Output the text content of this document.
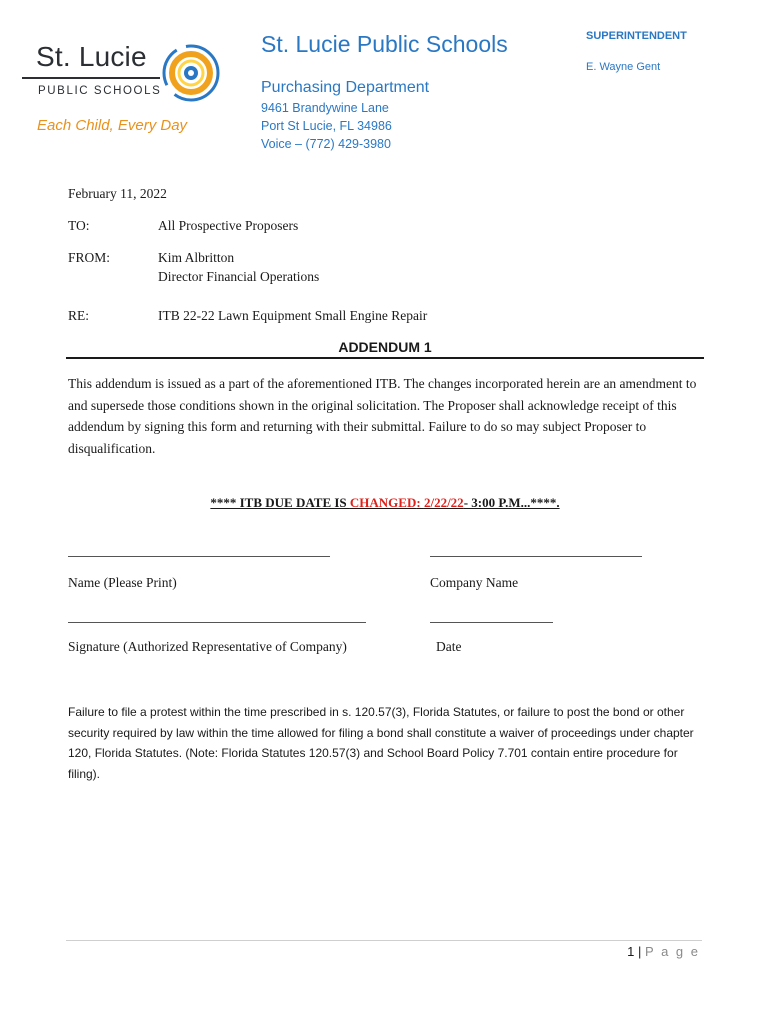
St. Lucie
PUBLIC SCHOOLS
Each Child, Every Day
St. Lucie Public Schools
Purchasing Department
9461 Brandywine Lane
Port St Lucie, FL 34986
Voice – (772) 429-3980
SUPERINTENDENT
E. Wayne Gent
February 11, 2022
TO:	All Prospective Proposers
FROM:	Kim Albritton
Director Financial Operations
RE:	ITB 22-22 Lawn Equipment Small Engine Repair
ADDENDUM 1
This addendum is issued as a part of the aforementioned ITB. The changes incorporated herein are an amendment to and supersede those conditions shown in the original solicitation. The Proposer shall acknowledge receipt of this addendum by signing this form and returning with their submittal. Failure to do so may subject Proposer to disqualification.
**** ITB DUE DATE IS CHANGED: 2/22/22- 3:00 P.M...****.
Name (Please Print)	Company Name
Signature (Authorized Representative of Company)	Date
Failure to file a protest within the time prescribed in s. 120.57(3), Florida Statutes, or failure to post the bond or other security required by law within the time allowed for filing a bond shall constitute a waiver of proceedings under chapter 120, Florida Statutes. (Note: Florida Statutes 120.57(3) and School Board Policy 7.701 contain entire procedure for filing).
1 | P a g e
